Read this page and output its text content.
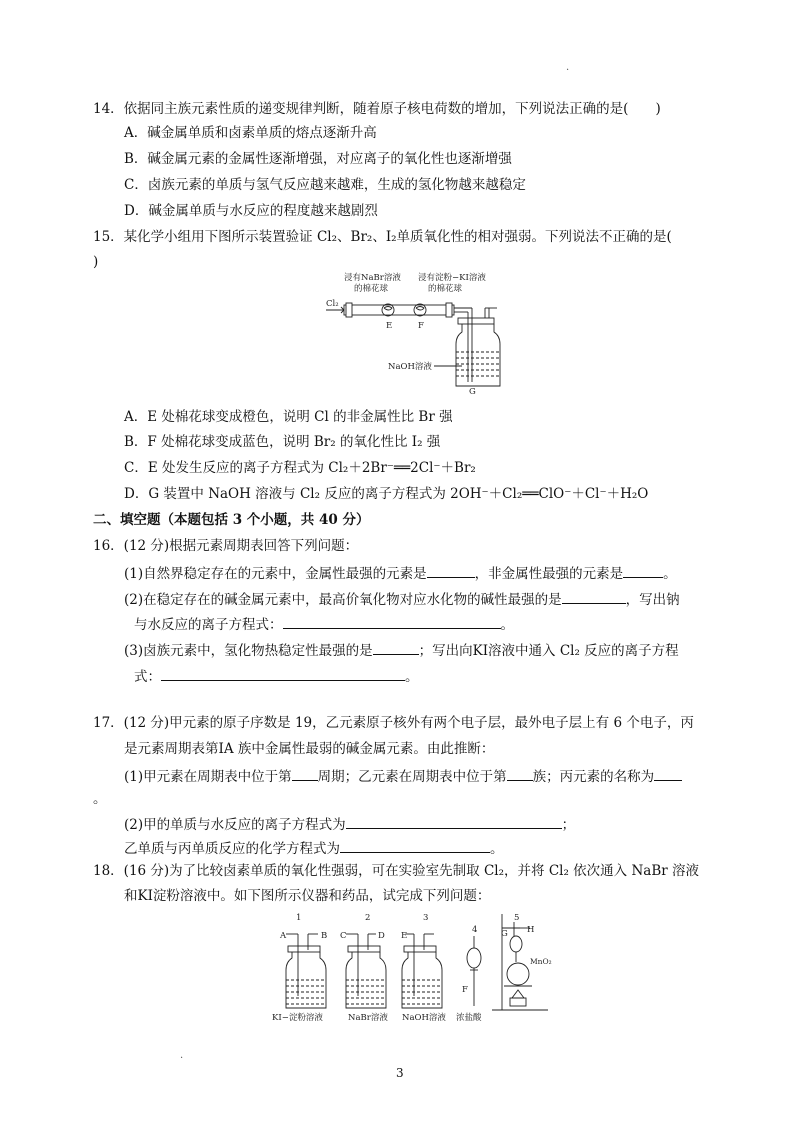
.
14．依据同主族元素性质的递变规律判断，随着原子核电荷数的增加，下列说法正确的是(　　)
A．碱金属单质和卤素单质的熔点逐渐升高
B．碱金属元素的金属性逐渐增强，对应离子的氧化性也逐渐增强
C．卤族元素的单质与氢气反应越来越难，生成的氢化物越来越稳定
D．碱金属单质与水反应的程度越来越剧烈
15．某化学小组用下图所示装置验证 Cl₂、Br₂、I₂单质氧化性的相对强弱。下列说法不正确的是(
)
浸有NaBr溶液
的棉花球
浸有淀粉−KI溶液
的棉花球
Cl₂
E	F
NaOH溶液
G
A．E 处棉花球变成橙色，说明 Cl 的非金属性比 Br 强
B．F 处棉花球变成蓝色，说明 Br₂ 的氧化性比 I₂ 强
C．E 处发生反应的离子方程式为 Cl₂＋2Br⁻══2Cl⁻＋Br₂
D．G 装置中 NaOH 溶液与 Cl₂ 反应的离子方程式为 2OH⁻＋Cl₂══ClO⁻＋Cl⁻＋H₂O
二、填空题（本题包括 3 个小题，共 40 分）
16．(12 分)根据元素周期表回答下列问题：
(1)自然界稳定存在的元素中，金属性最强的元素是	，非金属性最强的元素是	。
(2)在稳定存在的碱金属元素中，最高价氧化物对应水化物的碱性最强的是	，写出钠
与水反应的离子方程式：	。
(3)卤族元素中，氢化物热稳定性最强的是	；写出向KI溶液中通入 Cl₂ 反应的离子方程
式：	。
17．(12 分)甲元素的原子序数是 19，乙元素原子核外有两个电子层，最外电子层上有 6 个电子，丙
是元素周期表第ⅠA 族中金属性最弱的碱金属元素。由此推断：
(1)甲元素在周期表中位于第 周期；乙元素在周期表中位于第 族；丙元素的名称为
。
(2)甲的单质与水反应的离子方程式为	；
乙单质与丙单质反应的化学方程式为	。
18．(16 分)为了比较卤素单质的氧化性强弱，可在实验室先制取 Cl₂，并将 Cl₂ 依次通入 NaBr 溶液
和KI淀粉溶液中。如下图所示仪器和药品，试完成下列问题：
1	2	3
4
5
A	B C	D E
F
G H
MnO₂
KI−淀粉溶液	NaBr溶液 NaOH溶液 浓盐酸
3
.
